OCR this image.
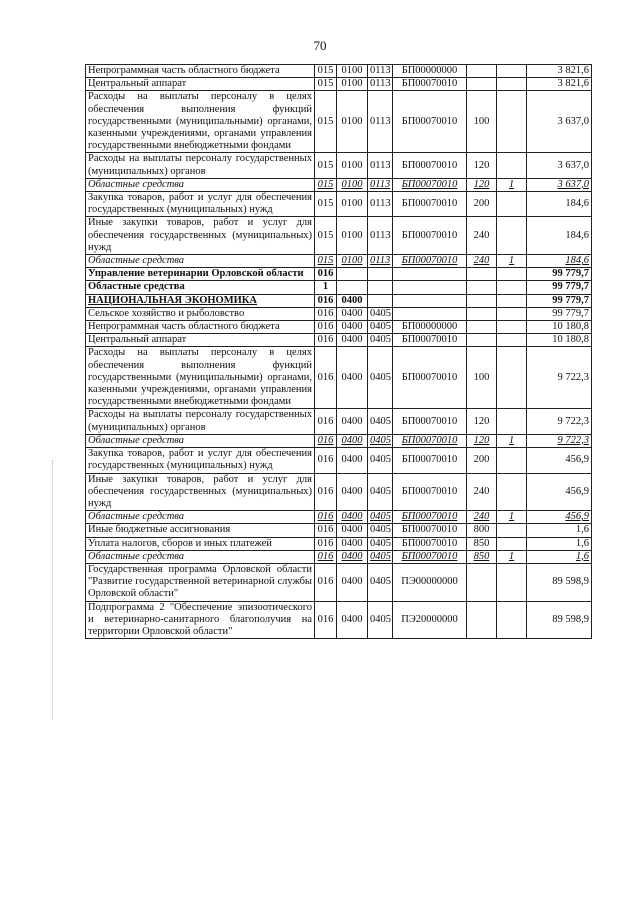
70
Непрограммная часть областного бюджета	015	0100	0113	БП00000000			3 821,6
Центральный аппарат	015	0100	0113	БП00070010			3 821,6
Расходы на выплаты персоналу в целях обеспечения выполнения функций государственными (муниципальными) органами, казенными учреждениями, органами управления государственными внебюджетными фондами	015	0100	0113	БП00070010	100		3 637,0
Расходы на выплаты персоналу государственных (муниципальных) органов	015	0100	0113	БП00070010	120		3 637,0
Областные средства	015	0100	0113	БП00070010	120	1	3 637,0
Закупка товаров, работ и услуг для обеспечения государственных (муниципальных) нужд	015	0100	0113	БП00070010	200		184,6
Иные закупки товаров, работ и услуг для обеспечения государственных (муниципальных) нужд	015	0100	0113	БП00070010	240		184,6
Областные средства	015	0100	0113	БП00070010	240	1	184,6
Управление ветеринарии Орловской области	016						99 779,7
Областные средства	1						99 779,7
НАЦИОНАЛЬНАЯ ЭКОНОМИКА	016	0400					99 779,7
Сельское хозяйство и рыболовство	016	0400	0405				99 779,7
Непрограммная часть областного бюджета	016	0400	0405	БП00000000			10 180,8
Центральный аппарат	016	0400	0405	БП00070010			10 180,8
Расходы на выплаты персоналу в целях обеспечения выполнения функций государственными (муниципальными) органами, казенными учреждениями, органами управления государственными внебюджетными фондами	016	0400	0405	БП00070010	100		9 722,3
Расходы на выплаты персоналу государственных (муниципальных) органов	016	0400	0405	БП00070010	120		9 722,3
Областные средства	016	0400	0405	БП00070010	120	1	9 722,3
Закупка товаров, работ и услуг для обеспечения государственных (муниципальных) нужд	016	0400	0405	БП00070010	200		456,9
Иные закупки товаров, работ и услуг для обеспечения государственных (муниципальных) нужд	016	0400	0405	БП00070010	240		456,9
Областные средства	016	0400	0405	БП00070010	240	1	456,9
Иные бюджетные ассигнования	016	0400	0405	БП00070010	800		1,6
Уплата налогов, сборов и иных платежей	016	0400	0405	БП00070010	850		1,6
Областные средства	016	0400	0405	БП00070010	850	1	1,6
Государственная программа Орловской области "Развитие государственной ветеринарной службы Орловской области"	016	0400	0405	ПЭ00000000			89 598,9
Подпрограмма 2 "Обеспечение эпизоотического и ветеринарно-санитарного благополучия на территории Орловской области"	016	0400	0405	ПЭ20000000			89 598,9
